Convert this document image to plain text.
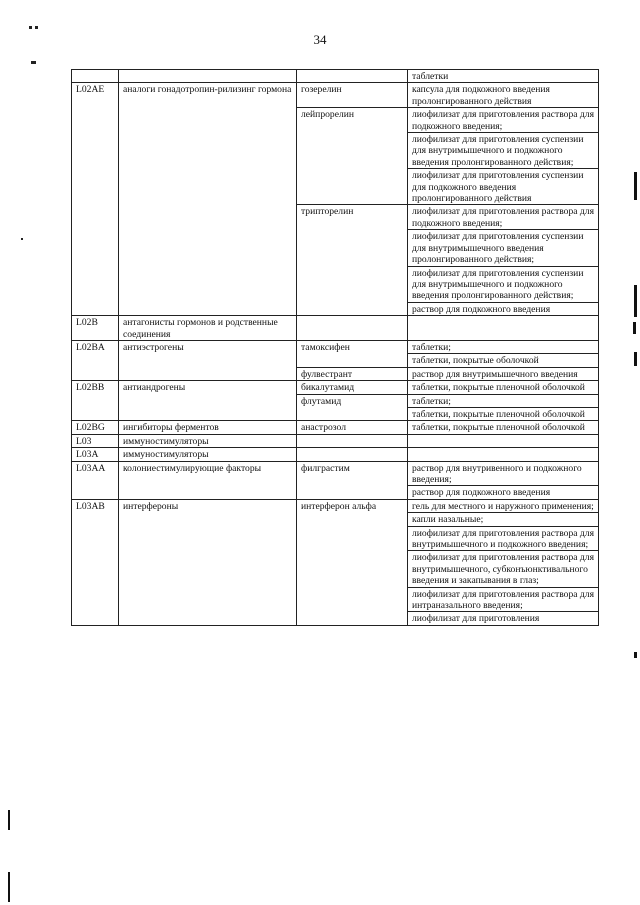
34
			таблетки
L02AE	аналоги гонадотропин-рилизинг гормона	гозерелин	капсула для подкожного введения пролонгированного действия
		лейпрорелин	лиофилизат для приготовления раствора для подкожного введения;
			лиофилизат для приготовления суспензии для внутримышечного и подкожного введения пролонгированного действия;
			лиофилизат для приготовления суспензии для подкожного введения пролонгированного действия
		трипторелин	лиофилизат для приготовления раствора для подкожного введения;
			лиофилизат для приготовления суспензии для внутримышечного введения пролонгированного действия;
			лиофилизат для приготовления суспензии для внутримышечного и подкожного введения пролонгированного действия;
			раствор для подкожного введения
L02B	антагонисты гормонов и родственные соединения		
L02BA	антиэстрогены	тамоксифен	таблетки;
			таблетки, покрытые оболочкой
		фулвестрант	раствор для внутримышечного введения
L02BB	антиандрогены	бикалутамид	таблетки, покрытые пленочной оболочкой
		флутамид	таблетки;
			таблетки, покрытые пленочной оболочкой
L02BG	ингибиторы ферментов	анастрозол	таблетки, покрытые пленочной оболочкой
L03	иммуностимуляторы		
L03A	иммуностимуляторы		
L03AA	колониестимулирующие факторы	филграстим	раствор для внутривенного и подкожного введения;
			раствор для подкожного введения
L03AB	интерфероны	интерферон альфа	гель для местного и наружного применения;
			капли назальные;
			лиофилизат для приготовления раствора для внутримышечного и подкожного введения;
			лиофилизат для приготовления раствора для внутримышечного, субконъюнктивального введения и закапывания в глаз;
			лиофилизат для приготовления раствора для интраназального введения;
			лиофилизат для приготовления
